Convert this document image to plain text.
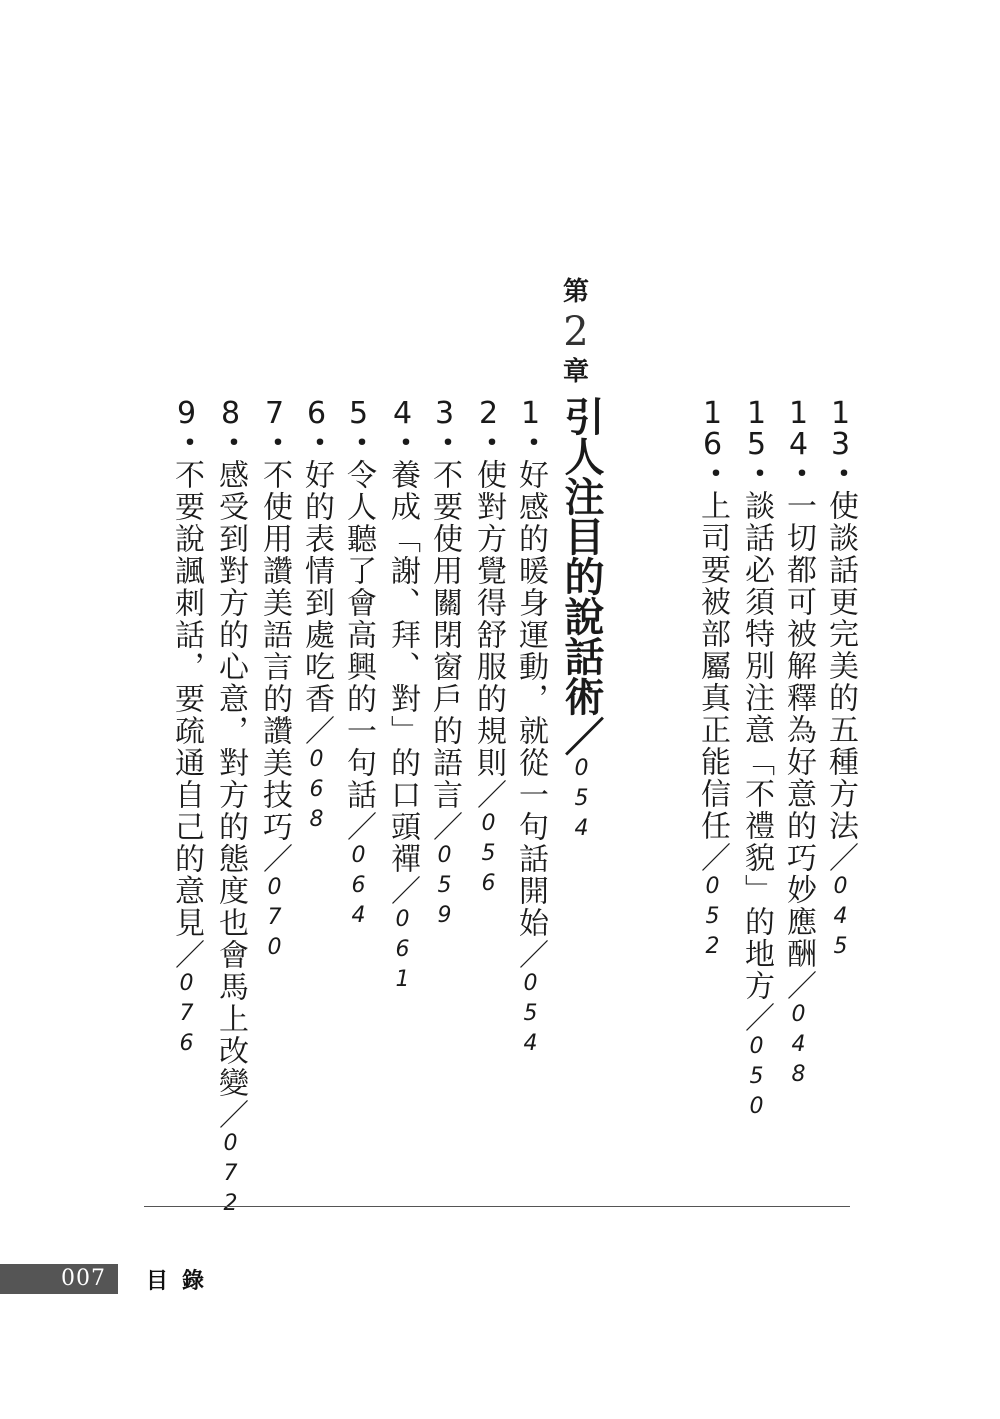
13・使談話更完美的五種方法／045
14・一切都可被解釋為好意的巧妙應酬／048
15・談話必須特別注意「不禮貌」的地方／050
16・上司要被部屬真正能信任／052
第
2
章
引人注目的說話術／054
1・好感的暖身運動，就從一句話開始／054
2・使對方覺得舒服的規則／056
3・不要使用關閉窗戶的語言／059
4・養成「謝、拜、對」的口頭禪／061
5・令人聽了會高興的一句話／064
6・好的表情到處吃香／068
7・不使用讚美語言的讚美技巧／070
8・感受到對方的心意，對方的態度也會馬上改變／072
9・不要說諷刺話，要疏通自己的意見／076
007 目錄
